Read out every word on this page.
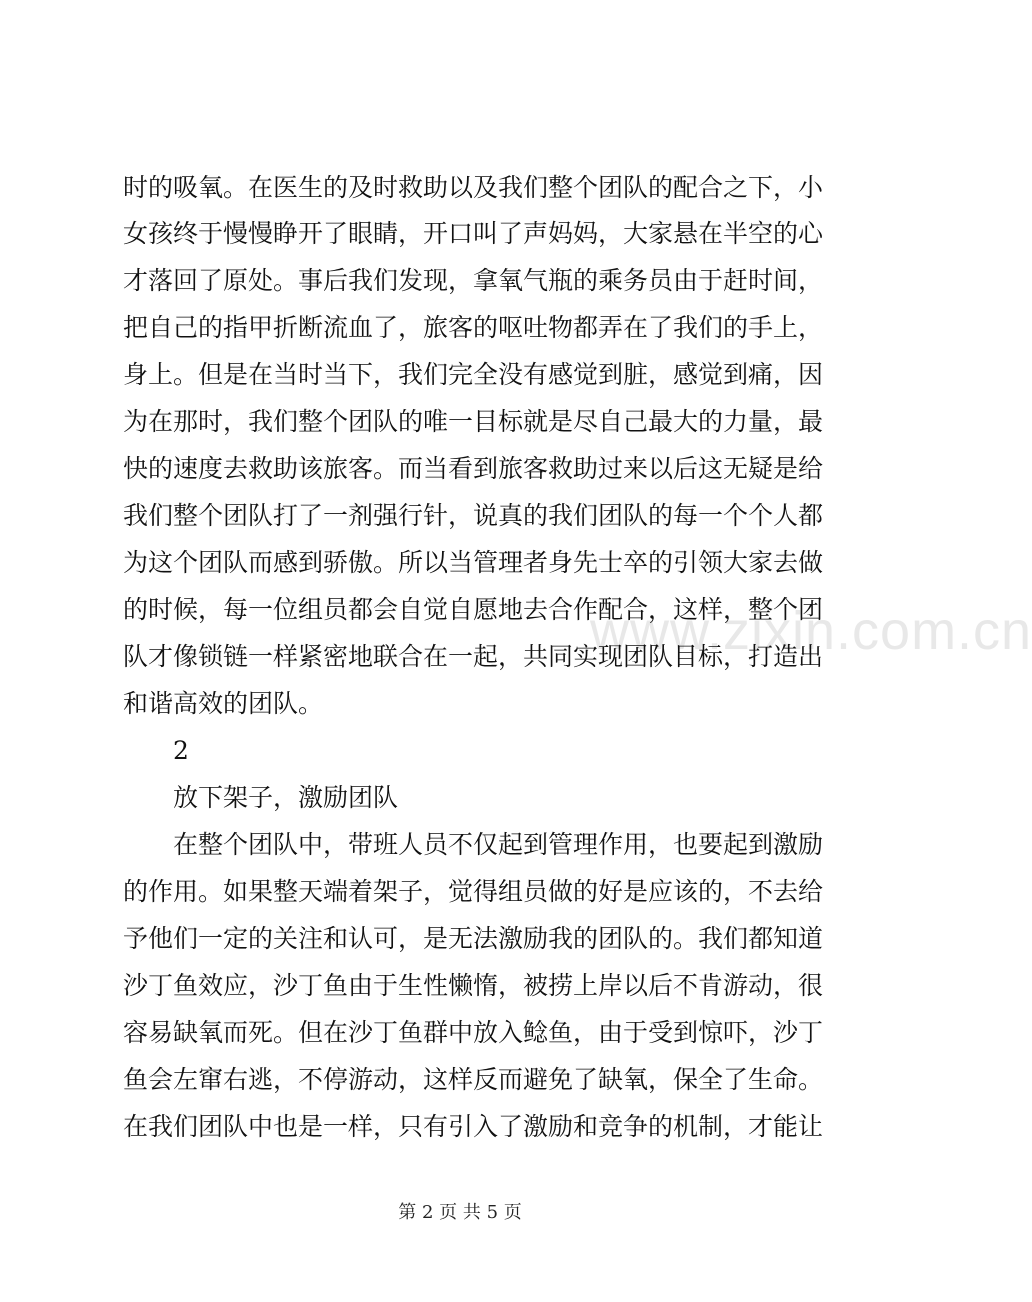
www.zixin.com.cn
时的吸氧。在医生的及时救助以及我们整个团队的配合之下，小
女孩终于慢慢睁开了眼睛，开口叫了声妈妈，大家悬在半空的心
才落回了原处。事后我们发现，拿氧气瓶的乘务员由于赶时间，
把自己的指甲折断流血了，旅客的呕吐物都弄在了我们的手上，
身上。但是在当时当下，我们完全没有感觉到脏，感觉到痛，因
为在那时，我们整个团队的唯一目标就是尽自己最大的力量，最
快的速度去救助该旅客。而当看到旅客救助过来以后这无疑是给
我们整个团队打了一剂强行针，说真的我们团队的每一个个人都
为这个团队而感到骄傲。所以当管理者身先士卒的引领大家去做
的时候，每一位组员都会自觉自愿地去合作配合，这样，整个团
队才像锁链一样紧密地联合在一起，共同实现团队目标，打造出
和谐高效的团队。
2
放下架子，激励团队
在整个团队中，带班人员不仅起到管理作用，也要起到激励
的作用。如果整天端着架子，觉得组员做的好是应该的，不去给
予他们一定的关注和认可，是无法激励我的团队的。我们都知道
沙丁鱼效应，沙丁鱼由于生性懒惰，被捞上岸以后不肯游动，很
容易缺氧而死。但在沙丁鱼群中放入鲶鱼，由于受到惊吓，沙丁
鱼会左窜右逃，不停游动，这样反而避免了缺氧，保全了生命。
在我们团队中也是一样，只有引入了激励和竞争的机制，才能让
第 2 页 共 5 页
